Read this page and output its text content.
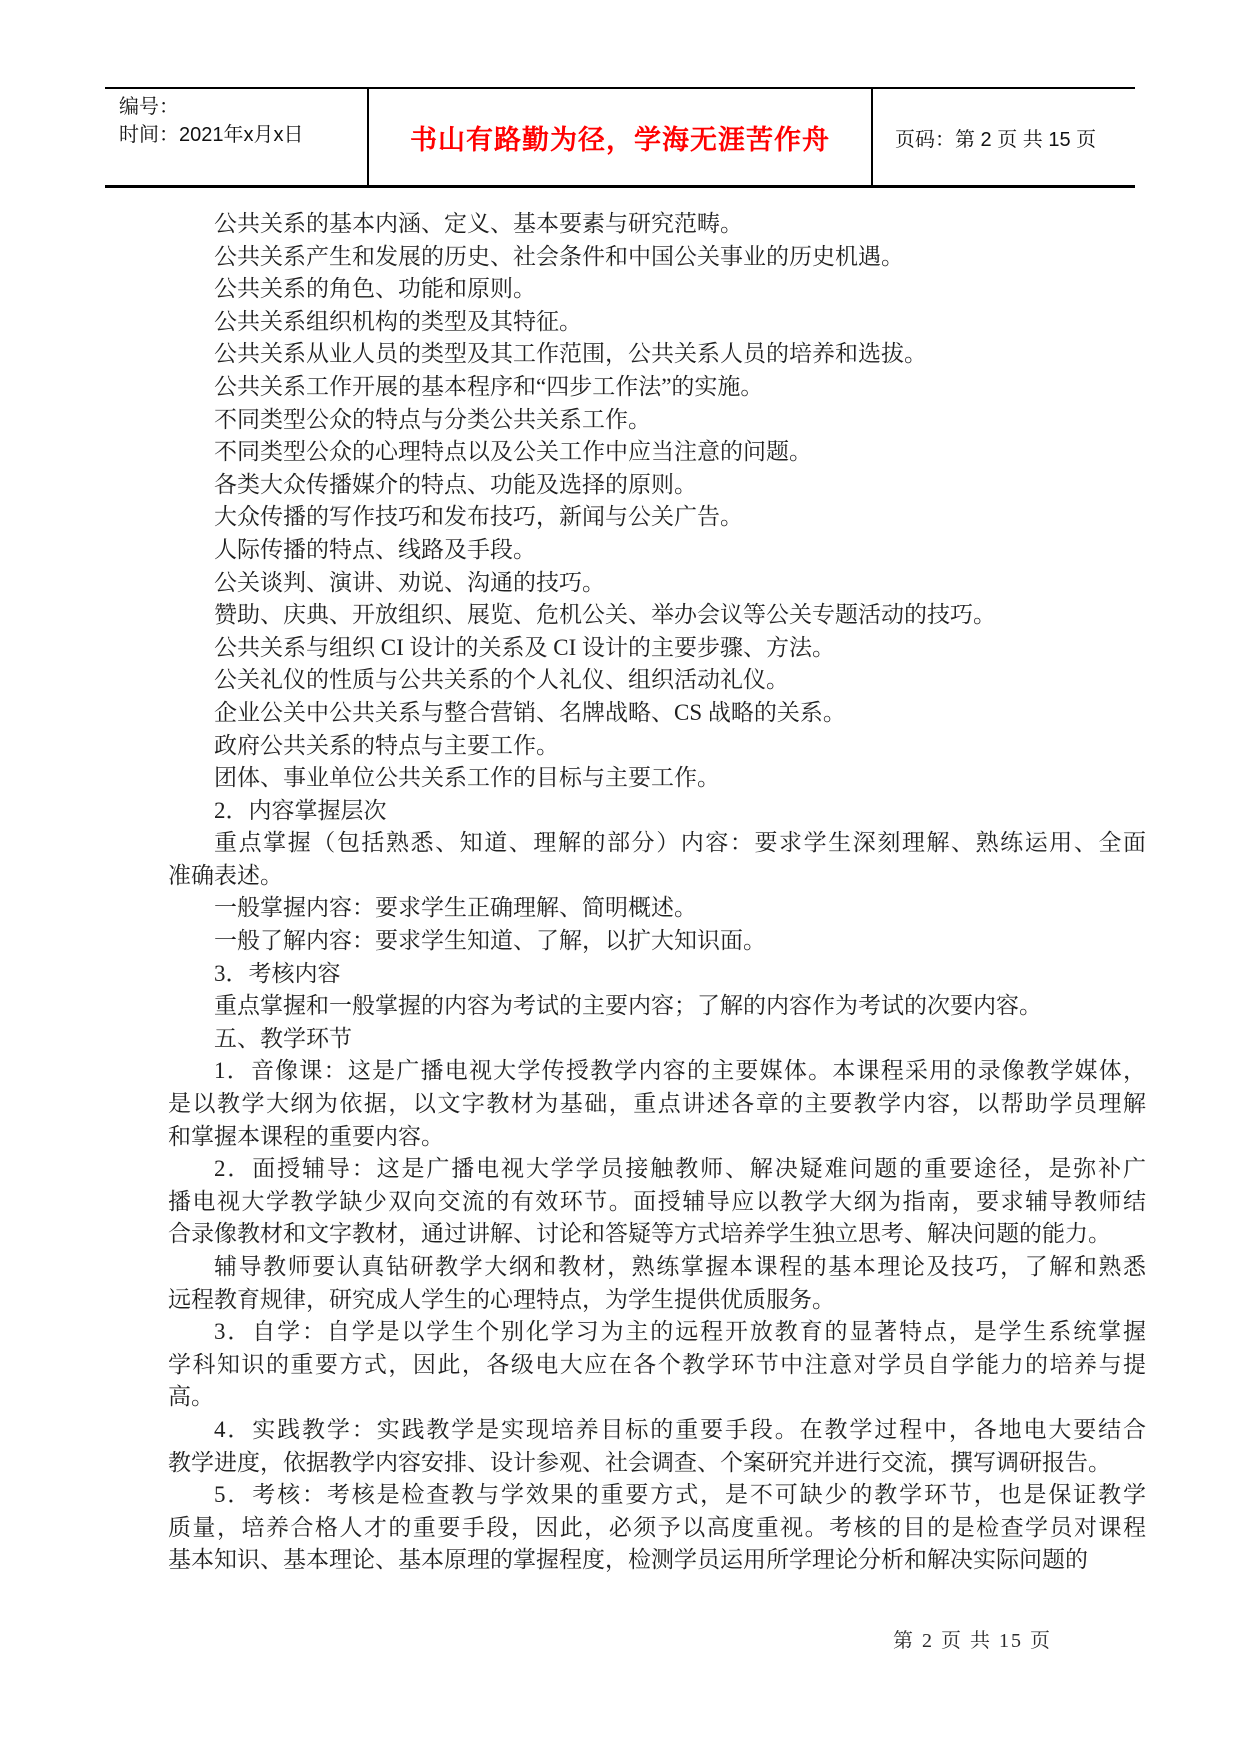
编号：
时间：2021年x月x日	书山有路勤为径，学海无涯苦作舟	页码：第 2 页 共 15 页
公共关系的基本内涵、定义、基本要素与研究范畴。
公共关系产生和发展的历史、社会条件和中国公关事业的历史机遇。
公共关系的角色、功能和原则。
公共关系组织机构的类型及其特征。
公共关系从业人员的类型及其工作范围，公共关系人员的培养和选拔。
公共关系工作开展的基本程序和“四步工作法”的实施。
不同类型公众的特点与分类公共关系工作。
不同类型公众的心理特点以及公关工作中应当注意的问题。
各类大众传播媒介的特点、功能及选择的原则。
大众传播的写作技巧和发布技巧，新闻与公关广告。
人际传播的特点、线路及手段。
公关谈判、演讲、劝说、沟通的技巧。
赞助、庆典、开放组织、展览、危机公关、举办会议等公关专题活动的技巧。
公共关系与组织 CI 设计的关系及 CI 设计的主要步骤、方法。
公关礼仪的性质与公共关系的个人礼仪、组织活动礼仪。
企业公关中公共关系与整合营销、名牌战略、CS 战略的关系。
政府公共关系的特点与主要工作。
团体、事业单位公共关系工作的目标与主要工作。
2．内容掌握层次
重点掌握（包括熟悉、知道、理解的部分）内容：要求学生深刻理解、熟练运用、全面
准确表述。
一般掌握内容：要求学生正确理解、简明概述。
一般了解内容：要求学生知道、了解，以扩大知识面。
3．考核内容
重点掌握和一般掌握的内容为考试的主要内容；了解的内容作为考试的次要内容。
五、教学环节
1．音像课：这是广播电视大学传授教学内容的主要媒体。本课程采用的录像教学媒体，
是以教学大纲为依据，以文字教材为基础，重点讲述各章的主要教学内容，以帮助学员理解
和掌握本课程的重要内容。
2．面授辅导：这是广播电视大学学员接触教师、解决疑难问题的重要途径，是弥补广
播电视大学教学缺少双向交流的有效环节。面授辅导应以教学大纲为指南，要求辅导教师结
合录像教材和文字教材，通过讲解、讨论和答疑等方式培养学生独立思考、解决问题的能力。
辅导教师要认真钻研教学大纲和教材，熟练掌握本课程的基本理论及技巧，了解和熟悉
远程教育规律，研究成人学生的心理特点，为学生提供优质服务。
3．自学：自学是以学生个别化学习为主的远程开放教育的显著特点，是学生系统掌握
学科知识的重要方式，因此，各级电大应在各个教学环节中注意对学员自学能力的培养与提
高。
4．实践教学：实践教学是实现培养目标的重要手段。在教学过程中，各地电大要结合
教学进度，依据教学内容安排、设计参观、社会调查、个案研究并进行交流，撰写调研报告。
5．考核：考核是检查教与学效果的重要方式，是不可缺少的教学环节，也是保证教学
质量，培养合格人才的重要手段，因此，必须予以高度重视。考核的目的是检查学员对课程
基本知识、基本理论、基本原理的掌握程度，检测学员运用所学理论分析和解决实际问题的
第 2 页 共 15 页
